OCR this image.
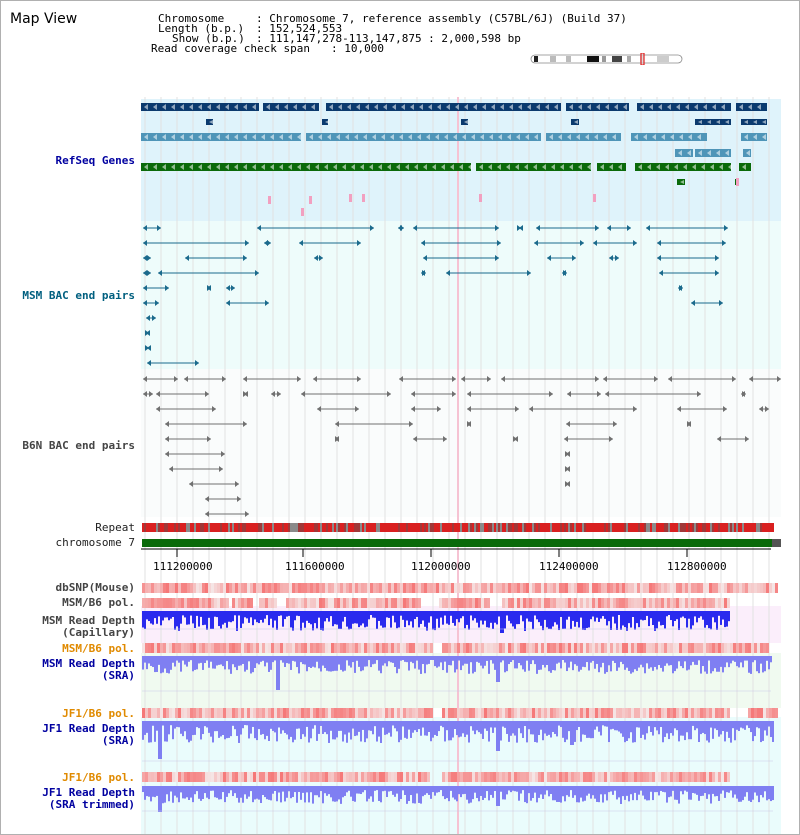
Map View	Chromosome	: Chromosome 7, reference assembly (C57BL/6J) (Build 37)
Length (b.p.) : 152,524,553
Show (b.p.) : 111,147,278-113,147,875 : 2,000,598 bp
Read coverage check span : 10,000
RefSeq Genes
MSM BAC end pairs
B6N BAC end pairs
Repeat
chromosome 7
dbSNP(Mouse)
MSM/B6 pol.
MSM Read Depth
(Capillary)
MSM/B6 pol.
MSM Read Depth
(SRA)
JF1/B6 pol.
JF1 Read Depth
(SRA)
JF1/B6 pol.
JF1 Read Depth
(SRA trimmed)
111200000	111600000	112000000	112400000	112800000
